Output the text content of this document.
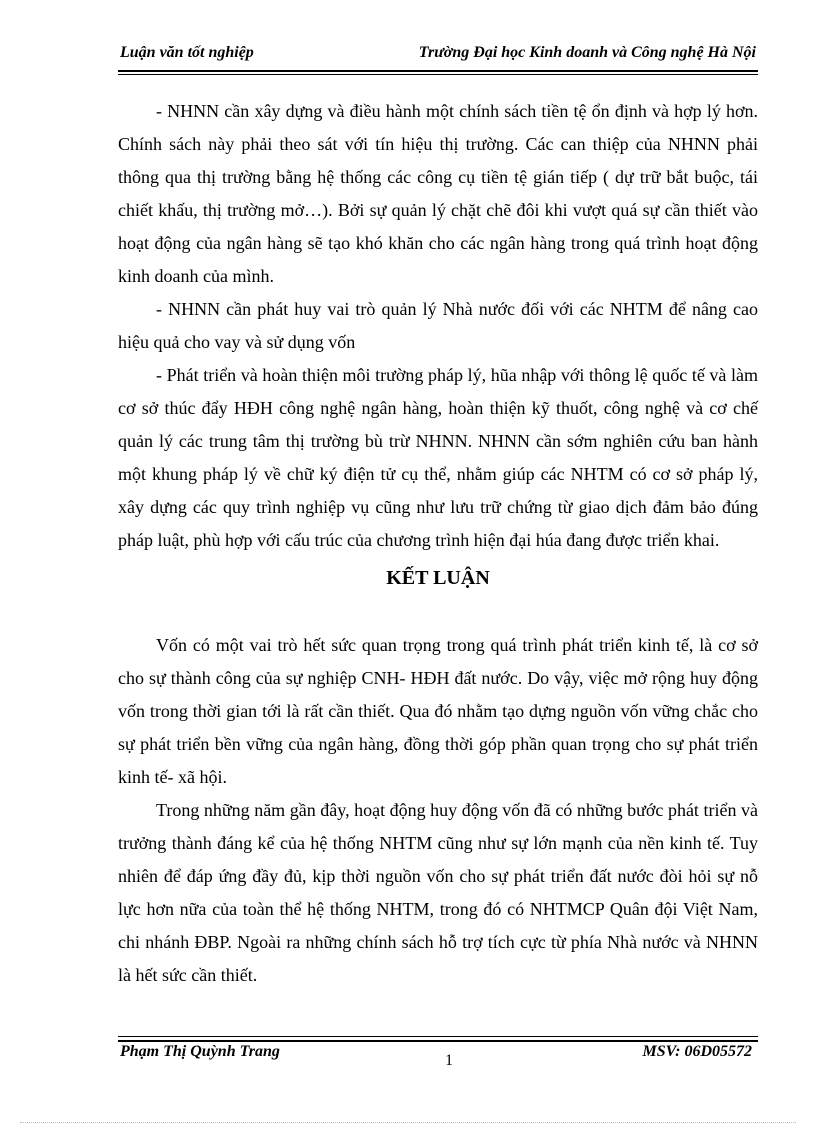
Luận văn tốt nghiệp	Trường Đại học Kinh doanh và Công nghệ Hà Nội

- NHNN cần xây dựng và điều hành một chính sách tiền tệ ổn định và hợp lý hơn. Chính sách này phải theo sát với tín hiệu thị trường. Các can thiệp của NHNN phải thông qua thị trường bằng hệ thống các công cụ tiền tệ gián tiếp ( dự trữ bắt buộc, tái chiết khấu, thị trường mở…). Bởi sự quản lý chặt chẽ đôi khi vượt quá sự cần thiết vào hoạt động của ngân hàng sẽ tạo khó khăn cho các ngân hàng trong quá trình hoạt động kinh doanh của mình.

- NHNN cần phát huy vai trò quản lý Nhà nước đối với các NHTM để nâng cao hiệu quả cho vay và sử dụng vốn

- Phát triển và hoàn thiện môi trường pháp lý, hũa nhập với thông lệ quốc tế và làm cơ sở thúc đẩy HĐH công nghệ ngân hàng, hoàn thiện kỹ thuốt, công nghệ và cơ chế quản lý các trung tâm thị trường bù trừ NHNN. NHNN cần sớm nghiên cứu ban hành một khung pháp lý về chữ ký điện tử cụ thể, nhằm giúp các NHTM có cơ sở pháp lý, xây dựng các quy trình nghiệp vụ cũng như lưu trữ chứng từ giao dịch đảm bảo đúng pháp luật, phù hợp với cấu trúc của chương trình hiện đại húa đang được triển khai.

KẾT LUẬN

Vốn có một vai trò hết sức quan trọng trong quá trình phát triển kinh tế, là cơ sở cho sự thành công của sự nghiệp CNH- HĐH đất nước. Do vậy, việc mở rộng huy động vốn trong thời gian tới là rất cần thiết. Qua đó nhằm tạo dựng nguồn vốn vững chắc cho sự phát triển bền vững của ngân hàng, đồng thời góp phần quan trọng cho sự phát triển kinh tế- xã hội.

Trong những năm gần đây, hoạt động huy động vốn đã có những bước phát triển và trưởng thành đáng kể của hệ thống NHTM cũng như sự lớn mạnh của nền kinh tế. Tuy nhiên để đáp ứng đầy đủ, kịp thời nguồn vốn cho sự phát triển đất nước đòi hỏi sự nỗ lực hơn nữa của toàn thể hệ thống NHTM, trong đó có NHTMCP Quân đội Việt Nam, chi nhánh ĐBP. Ngoài ra những chính sách hỗ trợ tích cực từ phía Nhà nước và NHNN là hết sức cần thiết.

Phạm Thị Quỳnh Trang	MSV: 06D05572
1
